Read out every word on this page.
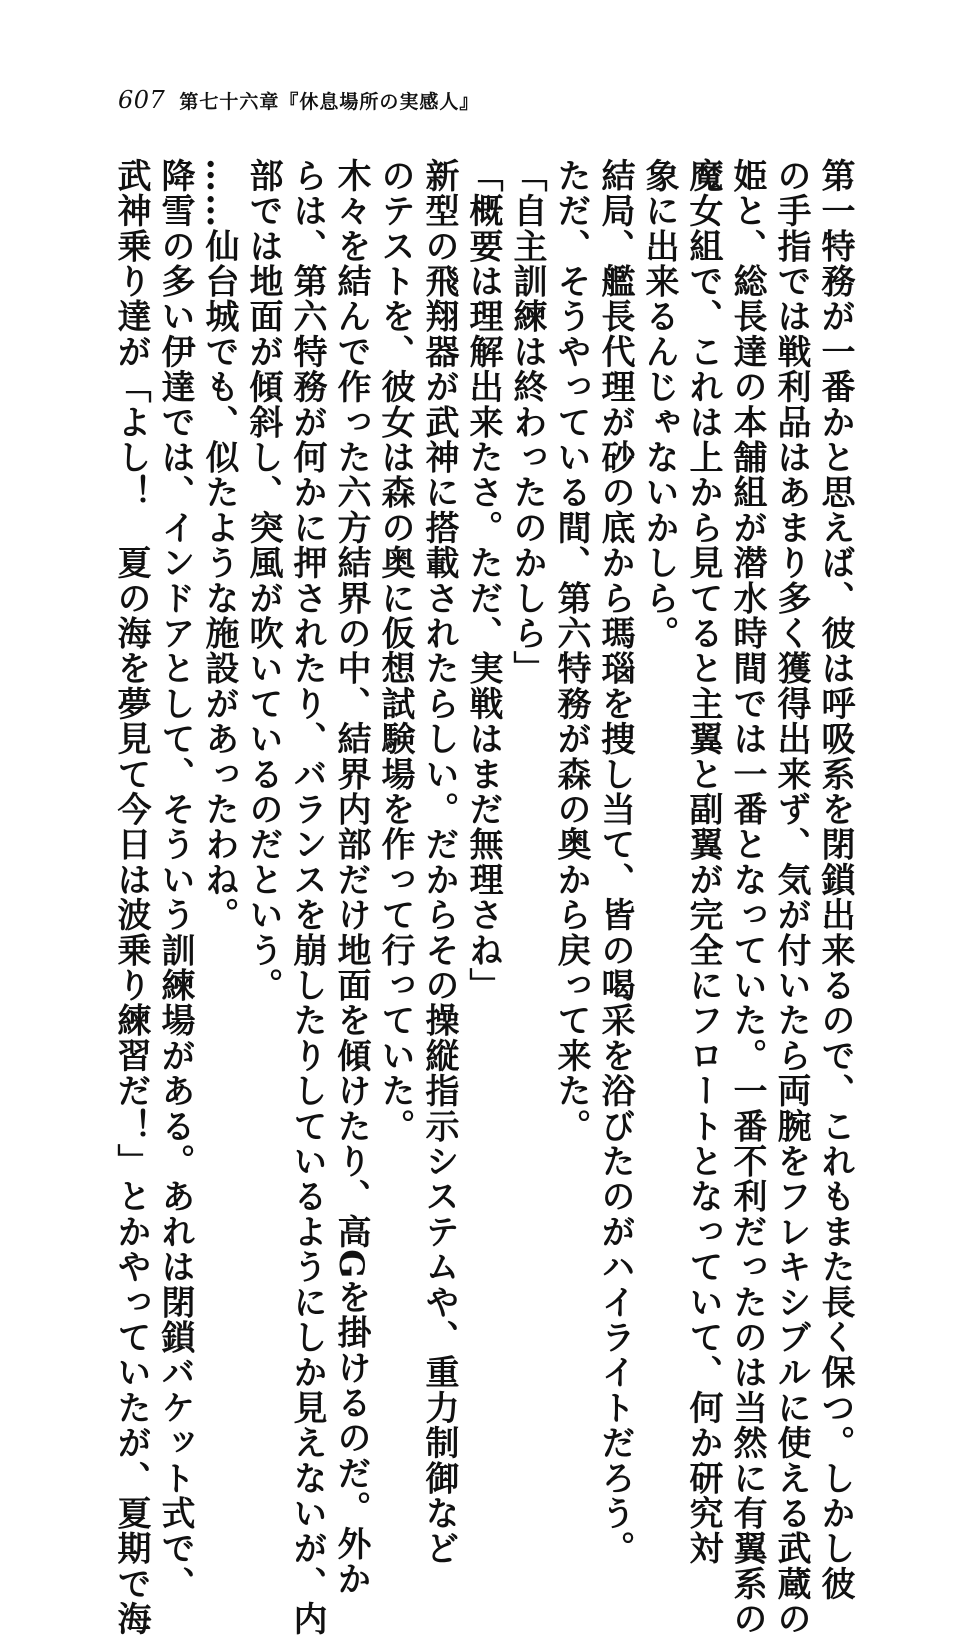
607 第七十六章『休息場所の実感人』
第一特務が一番かと思えば、彼は呼吸系を閉鎖出来るので、これもまた長く保つ。しかし彼
の手指では戦利品はあまり多く獲得出来ず、気が付いたら両腕をフレキシブルに使える武蔵の
姫と、総長達の本舗組が潜水時間では一番となっていた。一番不利だったのは当然に有翼系の
魔女組で、これは上から見てると主翼と副翼が完全にフロートとなっていて、何か研究対
象に出来るんじゃないかしら。
結局、艦長代理が砂の底から瑪瑙を捜し当て、皆の喝采を浴びたのがハイライトだろう。
ただ、そうやっている間、第六特務が森の奥から戻って来た。
「自主訓練は終わったのかしら」
「概要は理解出来たさ。ただ、実戦はまだ無理さね」
新型の飛翔器が武神に搭載されたらしい。だからその操縦指示システムや、重力制御など
のテストを、彼女は森の奥に仮想試験場を作って行っていた。
木々を結んで作った六方結界の中、結界内部だけ地面を傾けたり、高Gを掛けるのだ。外か
らは、第六特務が何かに押されたり、バランスを崩したりしているようにしか見えないが、内
部では地面が傾斜し、突風が吹いているのだという。
……仙台城でも、似たような施設があったわね。
降雪の多い伊達では、インドアとして、そういう訓練場がある。あれは閉鎖バケット式で、
武神乗り達が「よし！　夏の海を夢見て今日は波乗り練習だ！」とかやっていたが、夏期で海
